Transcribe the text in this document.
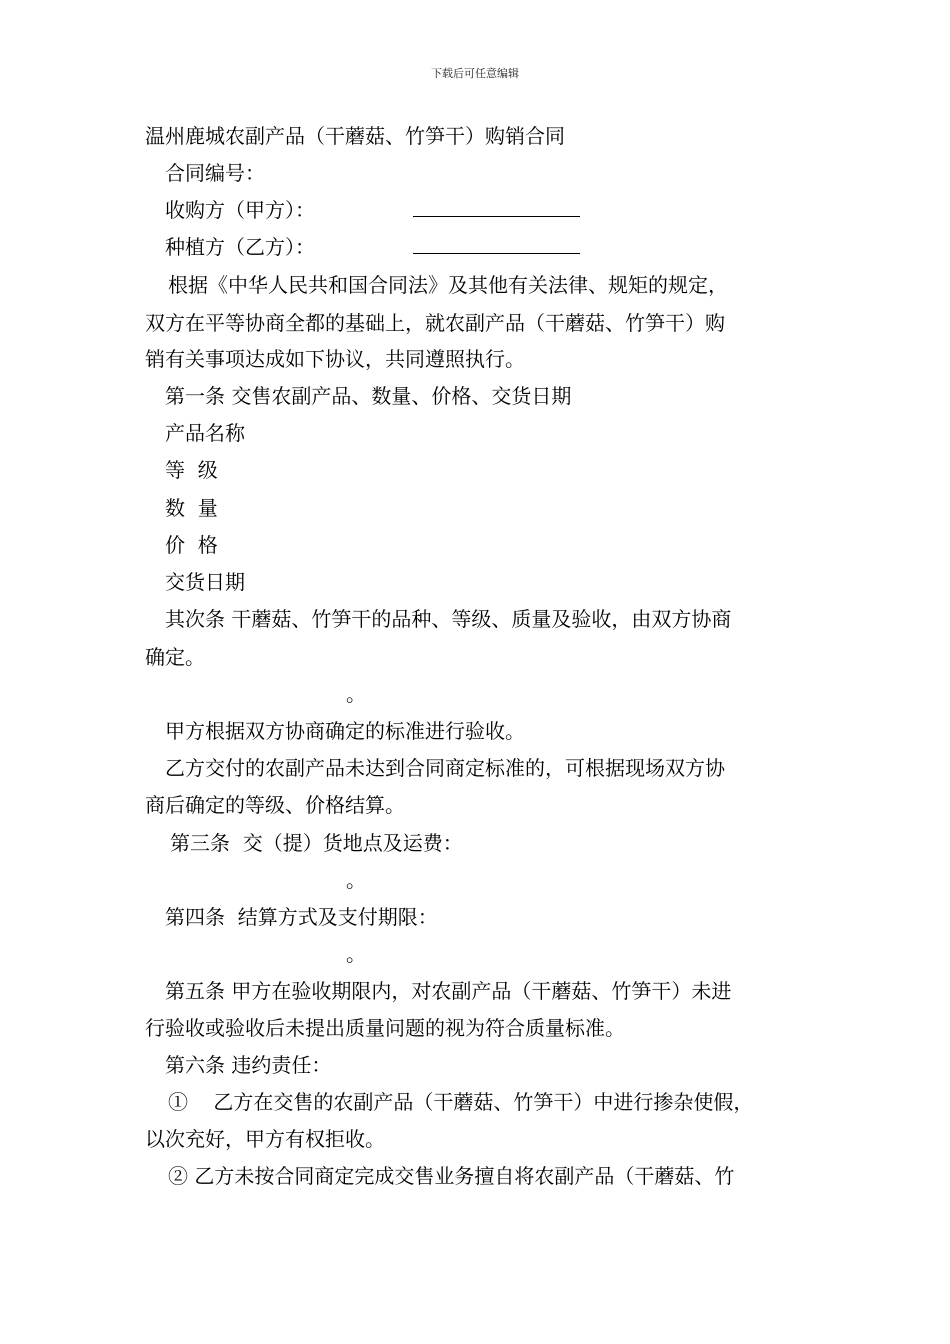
下载后可任意编辑
温州鹿城农副产品（干蘑菇、竹笋干）购销合同
合同编号：
收购方（甲方）：
种植方（乙方）：
根据《中华人民共和国合同法》及其他有关法律、规矩的规定，
双方在平等协商全都的基础上，就农副产品（干蘑菇、竹笋干）购
销有关事项达成如下协议，共同遵照执行。
第一条 交售农副产品、数量、价格、交货日期
产品名称
等  级
数  量
价  格
交货日期
其次条 干蘑菇、竹笋干的品种、等级、质量及验收，由双方协商
确定。
。
甲方根据双方协商确定的标准进行验收。
乙方交付的农副产品未达到合同商定标准的，可根据现场双方协
商后确定的等级、价格结算。
第三条  交（提）货地点及运费：
。
第四条  结算方式及支付期限：
。
第五条 甲方在验收期限内，对农副产品（干蘑菇、竹笋干）未进
行验收或验收后未提出质量问题的视为符合质量标准。
第六条 违约责任：
①    乙方在交售的农副产品（干蘑菇、竹笋干）中进行掺杂使假，
以次充好，甲方有权拒收。
② 乙方未按合同商定完成交售业务擅自将农副产品（干蘑菇、竹
